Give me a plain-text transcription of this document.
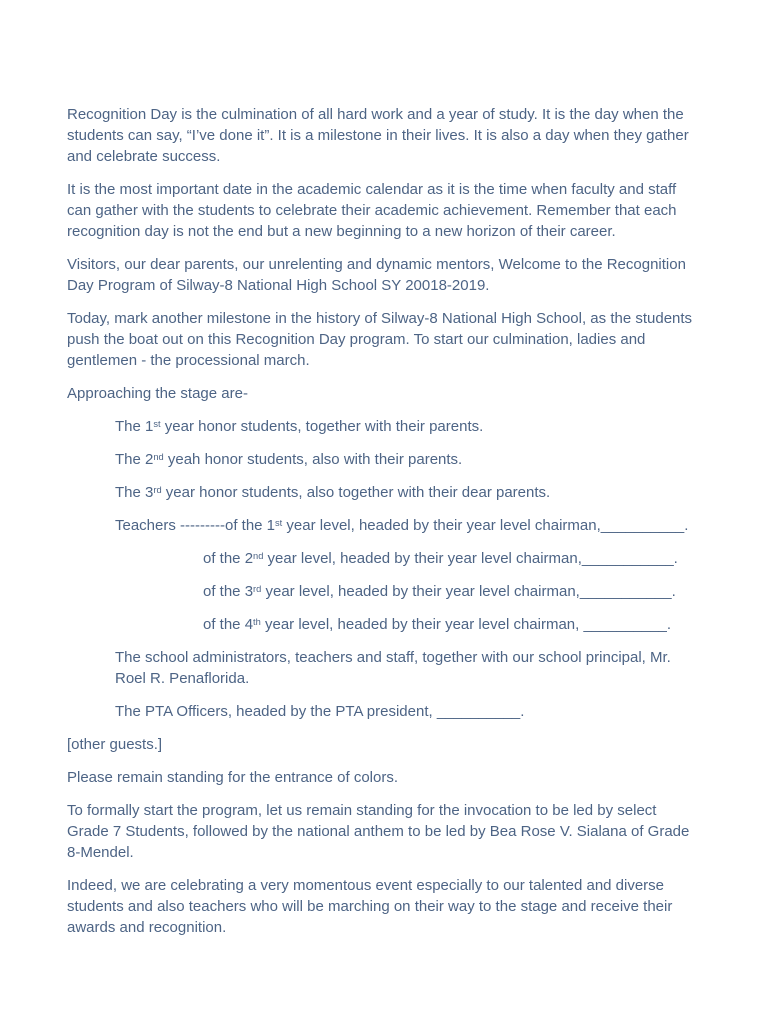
Recognition Day is the culmination of all hard work and a year of study. It is the day when the students can say, “I’ve done it”. It is a milestone in their lives. It is also a day when they gather and celebrate success.

It is the most important date in the academic calendar as it is the time when faculty and staff can gather with the students to celebrate their academic achievement. Remember that each recognition day is not the end but a new beginning to a new horizon of their career.

Visitors, our dear parents, our unrelenting and dynamic mentors, Welcome to the Recognition Day Program of Silway-8 National High School SY 20018-2019.

Today, mark another milestone in the history of Silway-8 National High School, as the students push the boat out on this Recognition Day program. To start our culmination, ladies and gentlemen - the processional march.

Approaching the stage are-

The 1st year honor students, together with their parents.

The 2nd yeah honor students, also with their parents.

The 3rd year honor students, also together with their dear parents.

Teachers ---------of the 1st year level, headed by their year level chairman,__________.

of the 2nd year level, headed by their year level chairman,___________.

of the 3rd year level, headed by their year level chairman,___________.

of the 4th year level, headed by their year level chairman, __________.

The school administrators, teachers and staff, together with our school principal, Mr. Roel R. Penaflorida.

The PTA Officers, headed by the PTA president, __________.

[other guests.]

Please remain standing for the entrance of colors.

To formally start the program, let us remain standing for the invocation to be led by select Grade 7 Students, followed by the national anthem to be led by Bea Rose V. Sialana of Grade 8-Mendel.

Indeed, we are celebrating a very momentous event especially to our talented and diverse students and also teachers who will be marching on their way to the stage and receive their awards and recognition.
